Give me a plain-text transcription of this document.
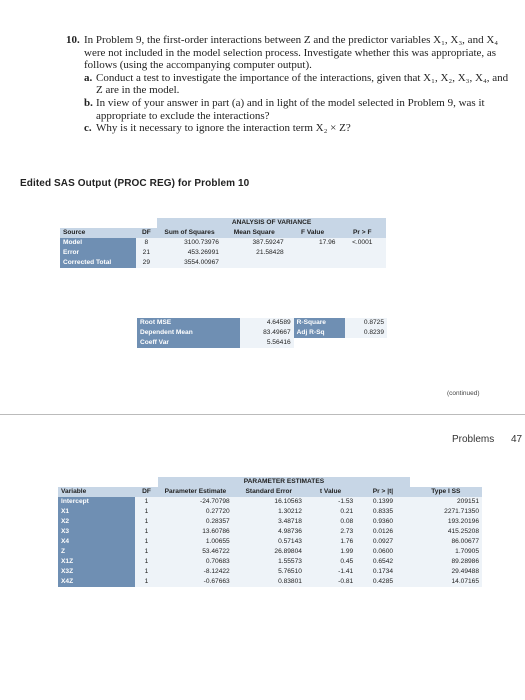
10. In Problem 9, the first-order interactions between Z and the predictor variables X₁, X₃, and X₄ were not included in the model selection process. Investigate whether this was appropriate, as follows (using the accompanying computer output).
a. Conduct a test to investigate the importance of the interactions, given that X₁, X₂, X₃, X₄, and Z are in the model.
b. In view of your answer in part (a) and in light of the model selected in Problem 9, was it appropriate to exclude the interactions?
c. Why is it necessary to ignore the interaction term X₂ × Z?
Edited SAS Output (PROC REG) for Problem 10
		ANALYSIS OF VARIANCE			
Source	DF	Sum of Squares	Mean Square	F Value	Pr > F
Model	8	3100.73976	387.59247	17.96	<.0001
Error	21	453.26991	21.58428		
Corrected Total	29	3554.00967			
Root MSE	4.64589	R-Square	0.8725
Dependent Mean	83.49667	Adj R-Sq	0.8239
Coeff Var	5.56416		
(continued)
Problems 47
		PARAMETER ESTIMATES				
Variable	DF	Parameter Estimate	Standard Error	t Value	Pr > |t|	Type I SS
Intercept	1	-24.70798	16.10563	-1.53	0.1399	209151
X1	1	0.27720	1.30212	0.21	0.8335	2271.71350
X2	1	0.28357	3.48718	0.08	0.9360	193.20196
X3	1	13.60786	4.98736	2.73	0.0126	415.25208
X4	1	1.00655	0.57143	1.76	0.0927	86.00677
Z	1	53.46722	26.89804	1.99	0.0600	1.70905
X1Z	1	0.70683	1.55573	0.45	0.6542	89.28986
X3Z	1	-8.12422	5.76510	-1.41	0.1734	29.49488
X4Z	1	-0.67663	0.83801	-0.81	0.4285	14.07165
